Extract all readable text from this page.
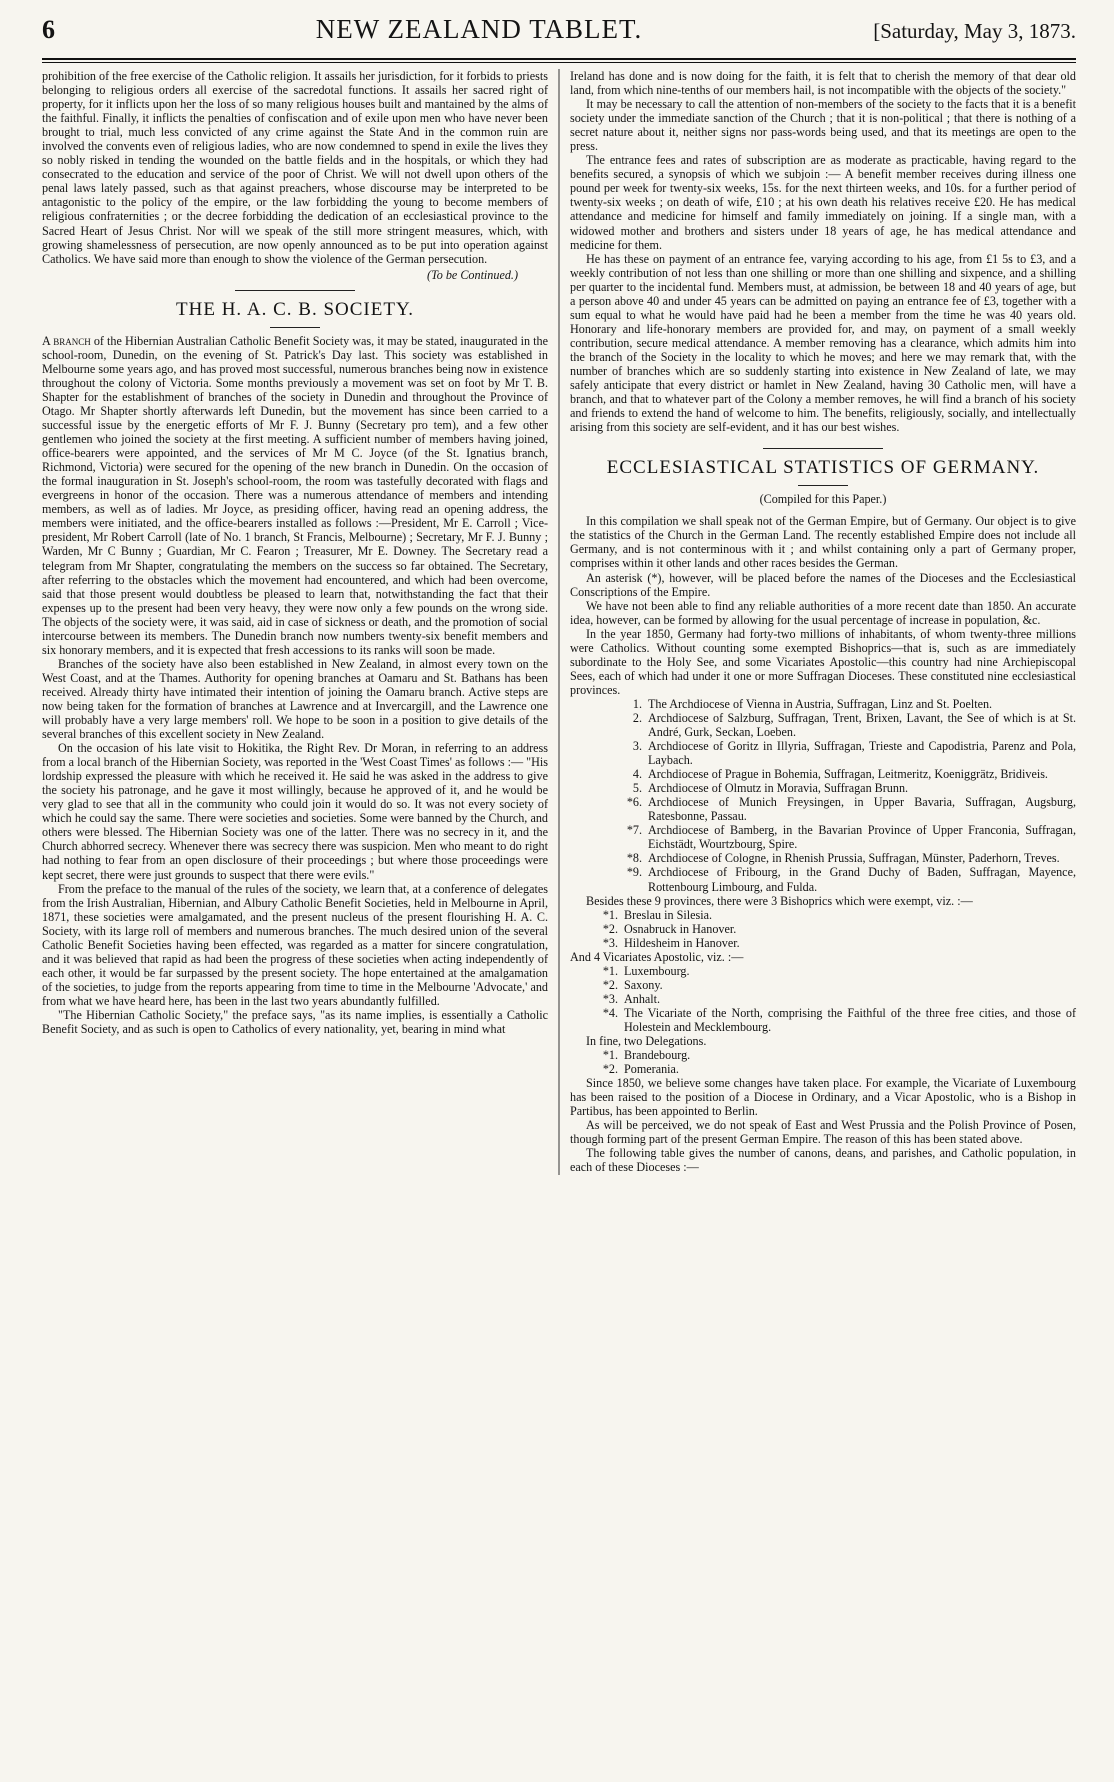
6	NEW ZEALAND TABLET.	[Saturday, May 3, 1873.

prohibition of the free exercise of the Catholic religion. It assails her jurisdiction, for it forbids to priests belonging to religious orders all exercise of the sacredotal functions. It assails her sacred right of property, for it inflicts upon her the loss of so many religious houses built and mantained by the alms of the faithful. Finally, it inflicts the penalties of confiscation and of exile upon men who have never been brought to trial, much less convicted of any crime against the State And in the common ruin are involved the convents even of religious ladies, who are now condemned to spend in exile the lives they so nobly risked in tending the wounded on the battle fields and in the hospitals, or which they had consecrated to the education and service of the poor of Christ. We will not dwell upon others of the penal laws lately passed, such as that against preachers, whose discourse may be interpreted to be antagonistic to the policy of the empire, or the law forbidding the young to become members of religious confraternities ; or the decree forbidding the dedication of an ecclesiastical province to the Sacred Heart of Jesus Christ. Nor will we speak of the still more stringent measures, which, with growing shamelessness of persecution, are now openly announced as to be put into operation against Catholics. We have said more than enough to show the violence of the German persecution.

(To be Continued.)
THE H. A. C. B. SOCIETY.

A branch of the Hibernian Australian Catholic Benefit Society was, it may be stated, inaugurated in the school-room, Dunedin, on the evening of St. Patrick's Day last. This society was established in Melbourne some years ago, and has proved most successful, numerous branches being now in existence throughout the colony of Victoria. Some months previously a movement was set on foot by Mr T. B. Shapter for the establishment of branches of the society in Dunedin and throughout the Province of Otago. Mr Shapter shortly afterwards left Dunedin, but the movement has since been carried to a successful issue by the energetic efforts of Mr F. J. Bunny (Secretary pro tem), and a few other gentlemen who joined the society at the first meeting. A sufficient number of members having joined, office-bearers were appointed, and the services of Mr M C. Joyce (of the St. Ignatius branch, Richmond, Victoria) were secured for the opening of the new branch in Dunedin. On the occasion of the formal inauguration in St. Joseph's school-room, the room was tastefully decorated with flags and evergreens in honor of the occasion. There was a numerous attendance of members and intending members, as well as of ladies. Mr Joyce, as presiding officer, having read an opening address, the members were initiated, and the office-bearers installed as follows :—President, Mr E. Carroll ; Vice-president, Mr Robert Carroll (late of No. 1 branch, St Francis, Melbourne) ; Secretary, Mr F. J. Bunny ; Warden, Mr C Bunny ; Guardian, Mr C. Fearon ; Treasurer, Mr E. Downey. The Secretary read a telegram from Mr Shapter, congratulating the members on the success so far obtained. The Secretary, after referring to the obstacles which the movement had encountered, and which had been overcome, said that those present would doubtless be pleased to learn that, notwithstanding the fact that their expenses up to the present had been very heavy, they were now only a few pounds on the wrong side. The objects of the society were, it was said, aid in case of sickness or death, and the promotion of social intercourse between its members. The Dunedin branch now numbers twenty-six benefit members and six honorary members, and it is expected that fresh accessions to its ranks will soon be made.

Branches of the society have also been established in New Zealand, in almost every town on the West Coast, and at the Thames. Authority for opening branches at Oamaru and St. Bathans has been received. Already thirty have intimated their intention of joining the Oamaru branch. Active steps are now being taken for the formation of branches at Lawrence and at Invercargill, and the Lawrence one will probably have a very large members' roll. We hope to be soon in a position to give details of the several branches of this excellent society in New Zealand.

On the occasion of his late visit to Hokitika, the Right Rev. Dr Moran, in referring to an address from a local branch of the Hibernian Society, was reported in the 'West Coast Times' as follows :— "His lordship expressed the pleasure with which he received it. He said he was asked in the address to give the society his patronage, and he gave it most willingly, because he approved of it, and he would be very glad to see that all in the community who could join it would do so. It was not every society of which he could say the same. There were societies and societies. Some were banned by the Church, and others were blessed. The Hibernian Society was one of the latter. There was no secrecy in it, and the Church abhorred secrecy. Whenever there was secrecy there was suspicion. Men who meant to do right had nothing to fear from an open disclosure of their proceedings ; but where those proceedings were kept secret, there were just grounds to suspect that there were evils."

From the preface to the manual of the rules of the society, we learn that, at a conference of delegates from the Irish Australian, Hibernian, and Albury Catholic Benefit Societies, held in Melbourne in April, 1871, these societies were amalgamated, and the present nucleus of the present flourishing H. A. C. Society, with its large roll of members and numerous branches. The much desired union of the several Catholic Benefit Societies having been effected, was regarded as a matter for sincere congratulation, and it was believed that rapid as had been the progress of these societies when acting independently of each other, it would be far surpassed by the present society. The hope entertained at the amalgamation of the societies, to judge from the reports appearing from time to time in the Melbourne 'Advocate,' and from what we have heard here, has been in the last two years abundantly fulfilled.

"The Hibernian Catholic Society," the preface says, "as its name implies, is essentially a Catholic Benefit Society, and as such is open to Catholics of every nationality, yet, bearing in mind what

Ireland has done and is now doing for the faith, it is felt that to cherish the memory of that dear old land, from which nine-tenths of our members hail, is not incompatible with the objects of the society."

It may be necessary to call the attention of non-members of the society to the facts that it is a benefit society under the immediate sanction of the Church ; that it is non-political ; that there is nothing of a secret nature about it, neither signs nor pass-words being used, and that its meetings are open to the press.

The entrance fees and rates of subscription are as moderate as practicable, having regard to the benefits secured, a synopsis of which we subjoin :— A benefit member receives during illness one pound per week for twenty-six weeks, 15s. for the next thirteen weeks, and 10s. for a further period of twenty-six weeks ; on death of wife, £10 ; at his own death his relatives receive £20. He has medical attendance and medicine for himself and family immediately on joining. If a single man, with a widowed mother and brothers and sisters under 18 years of age, he has medical attendance and medicine for them.

He has these on payment of an entrance fee, varying according to his age, from £1 5s to £3, and a weekly contribution of not less than one shilling or more than one shilling and sixpence, and a shilling per quarter to the incidental fund. Members must, at admission, be between 18 and 40 years of age, but a person above 40 and under 45 years can be admitted on paying an entrance fee of £3, together with a sum equal to what he would have paid had he been a member from the time he was 40 years old. Honorary and life-honorary members are provided for, and may, on payment of a small weekly contribution, secure medical attendance. A member removing has a clearance, which admits him into the branch of the Society in the locality to which he moves; and here we may remark that, with the number of branches which are so suddenly starting into existence in New Zealand of late, we may safely anticipate that every district or hamlet in New Zealand, having 30 Catholic men, will have a branch, and that to whatever part of the Colony a member removes, he will find a branch of his society and friends to extend the hand of welcome to him. The benefits, religiously, socially, and intellectually arising from this society are self-evident, and it has our best wishes.

ECCLESIASTICAL STATISTICS OF GERMANY.
(Compiled for this Paper.)

In this compilation we shall speak not of the German Empire, but of Germany. Our object is to give the statistics of the Church in the German Land. The recently established Empire does not include all Germany, and is not conterminous with it ; and whilst containing only a part of Germany proper, comprises within it other lands and other races besides the German.

An asterisk (*), however, will be placed before the names of the Dioceses and the Ecclesiastical Conscriptions of the Empire.

We have not been able to find any reliable authorities of a more recent date than 1850. An accurate idea, however, can be formed by allowing for the usual percentage of increase in population, &c.

In the year 1850, Germany had forty-two millions of inhabitants, of whom twenty-three millions were Catholics. Without counting some exempted Bishoprics—that is, such as are immediately subordinate to the Holy See, and some Vicariates Apostolic—this country had nine Archiepiscopal Sees, each of which had under it one or more Suffragan Dioceses. These constituted nine ecclesiastical provinces.

1. The Archdiocese of Vienna in Austria, Suffragan, Linz and St. Poelten.
2. Archdiocese of Salzburg, Suffragan, Trent, Brixen, Lavant, the See of which is at St. André, Gurk, Seckan, Loeben.
3. Archdiocese of Goritz in Illyria, Suffragan, Trieste and Capodistria, Parenz and Pola, Laybach.
4. Archdiocese of Prague in Bohemia, Suffragan, Leitmeritz, Koeniggrätz, Bridiveis.
5. Archdiocese of Olmutz in Moravia, Suffragan Brunn.
*6. Archdiocese of Munich Freysingen, in Upper Bavaria, Suffragan, Augsburg, Ratesbonne, Passau.
*7. Archdiocese of Bamberg, in the Bavarian Province of Upper Franconia, Suffragan, Eichstädt, Wourtzbourg, Spire.
*8. Archdiocese of Cologne, in Rhenish Prussia, Suffragan, Münster, Paderhorn, Treves.
*9. Archdiocese of Fribourg, in the Grand Duchy of Baden, Suffragan, Mayence, Rottenbourg Limbourg, and Fulda.

Besides these 9 provinces, there were 3 Bishoprics which were exempt, viz. :—

*1. Breslau in Silesia.
*2. Osnabruck in Hanover.
*3. Hildesheim in Hanover.

And 4 Vicariates Apostolic, viz. :—

*1. Luxembourg.
*2. Saxony.
*3. Anhalt.
*4. The Vicariate of the North, comprising the Faithful of the three free cities, and those of Holestein and Mecklembourg.

In fine, two Delegations.

*1. Brandebourg.
*2. Pomerania.

Since 1850, we believe some changes have taken place. For example, the Vicariate of Luxembourg has been raised to the position of a Diocese in Ordinary, and a Vicar Apostolic, who is a Bishop in Partibus, has been appointed to Berlin.

As will be perceived, we do not speak of East and West Prussia and the Polish Province of Posen, though forming part of the present German Empire. The reason of this has been stated above.

The following table gives the number of canons, deans, and parishes, and Catholic population, in each of these Dioceses :—
